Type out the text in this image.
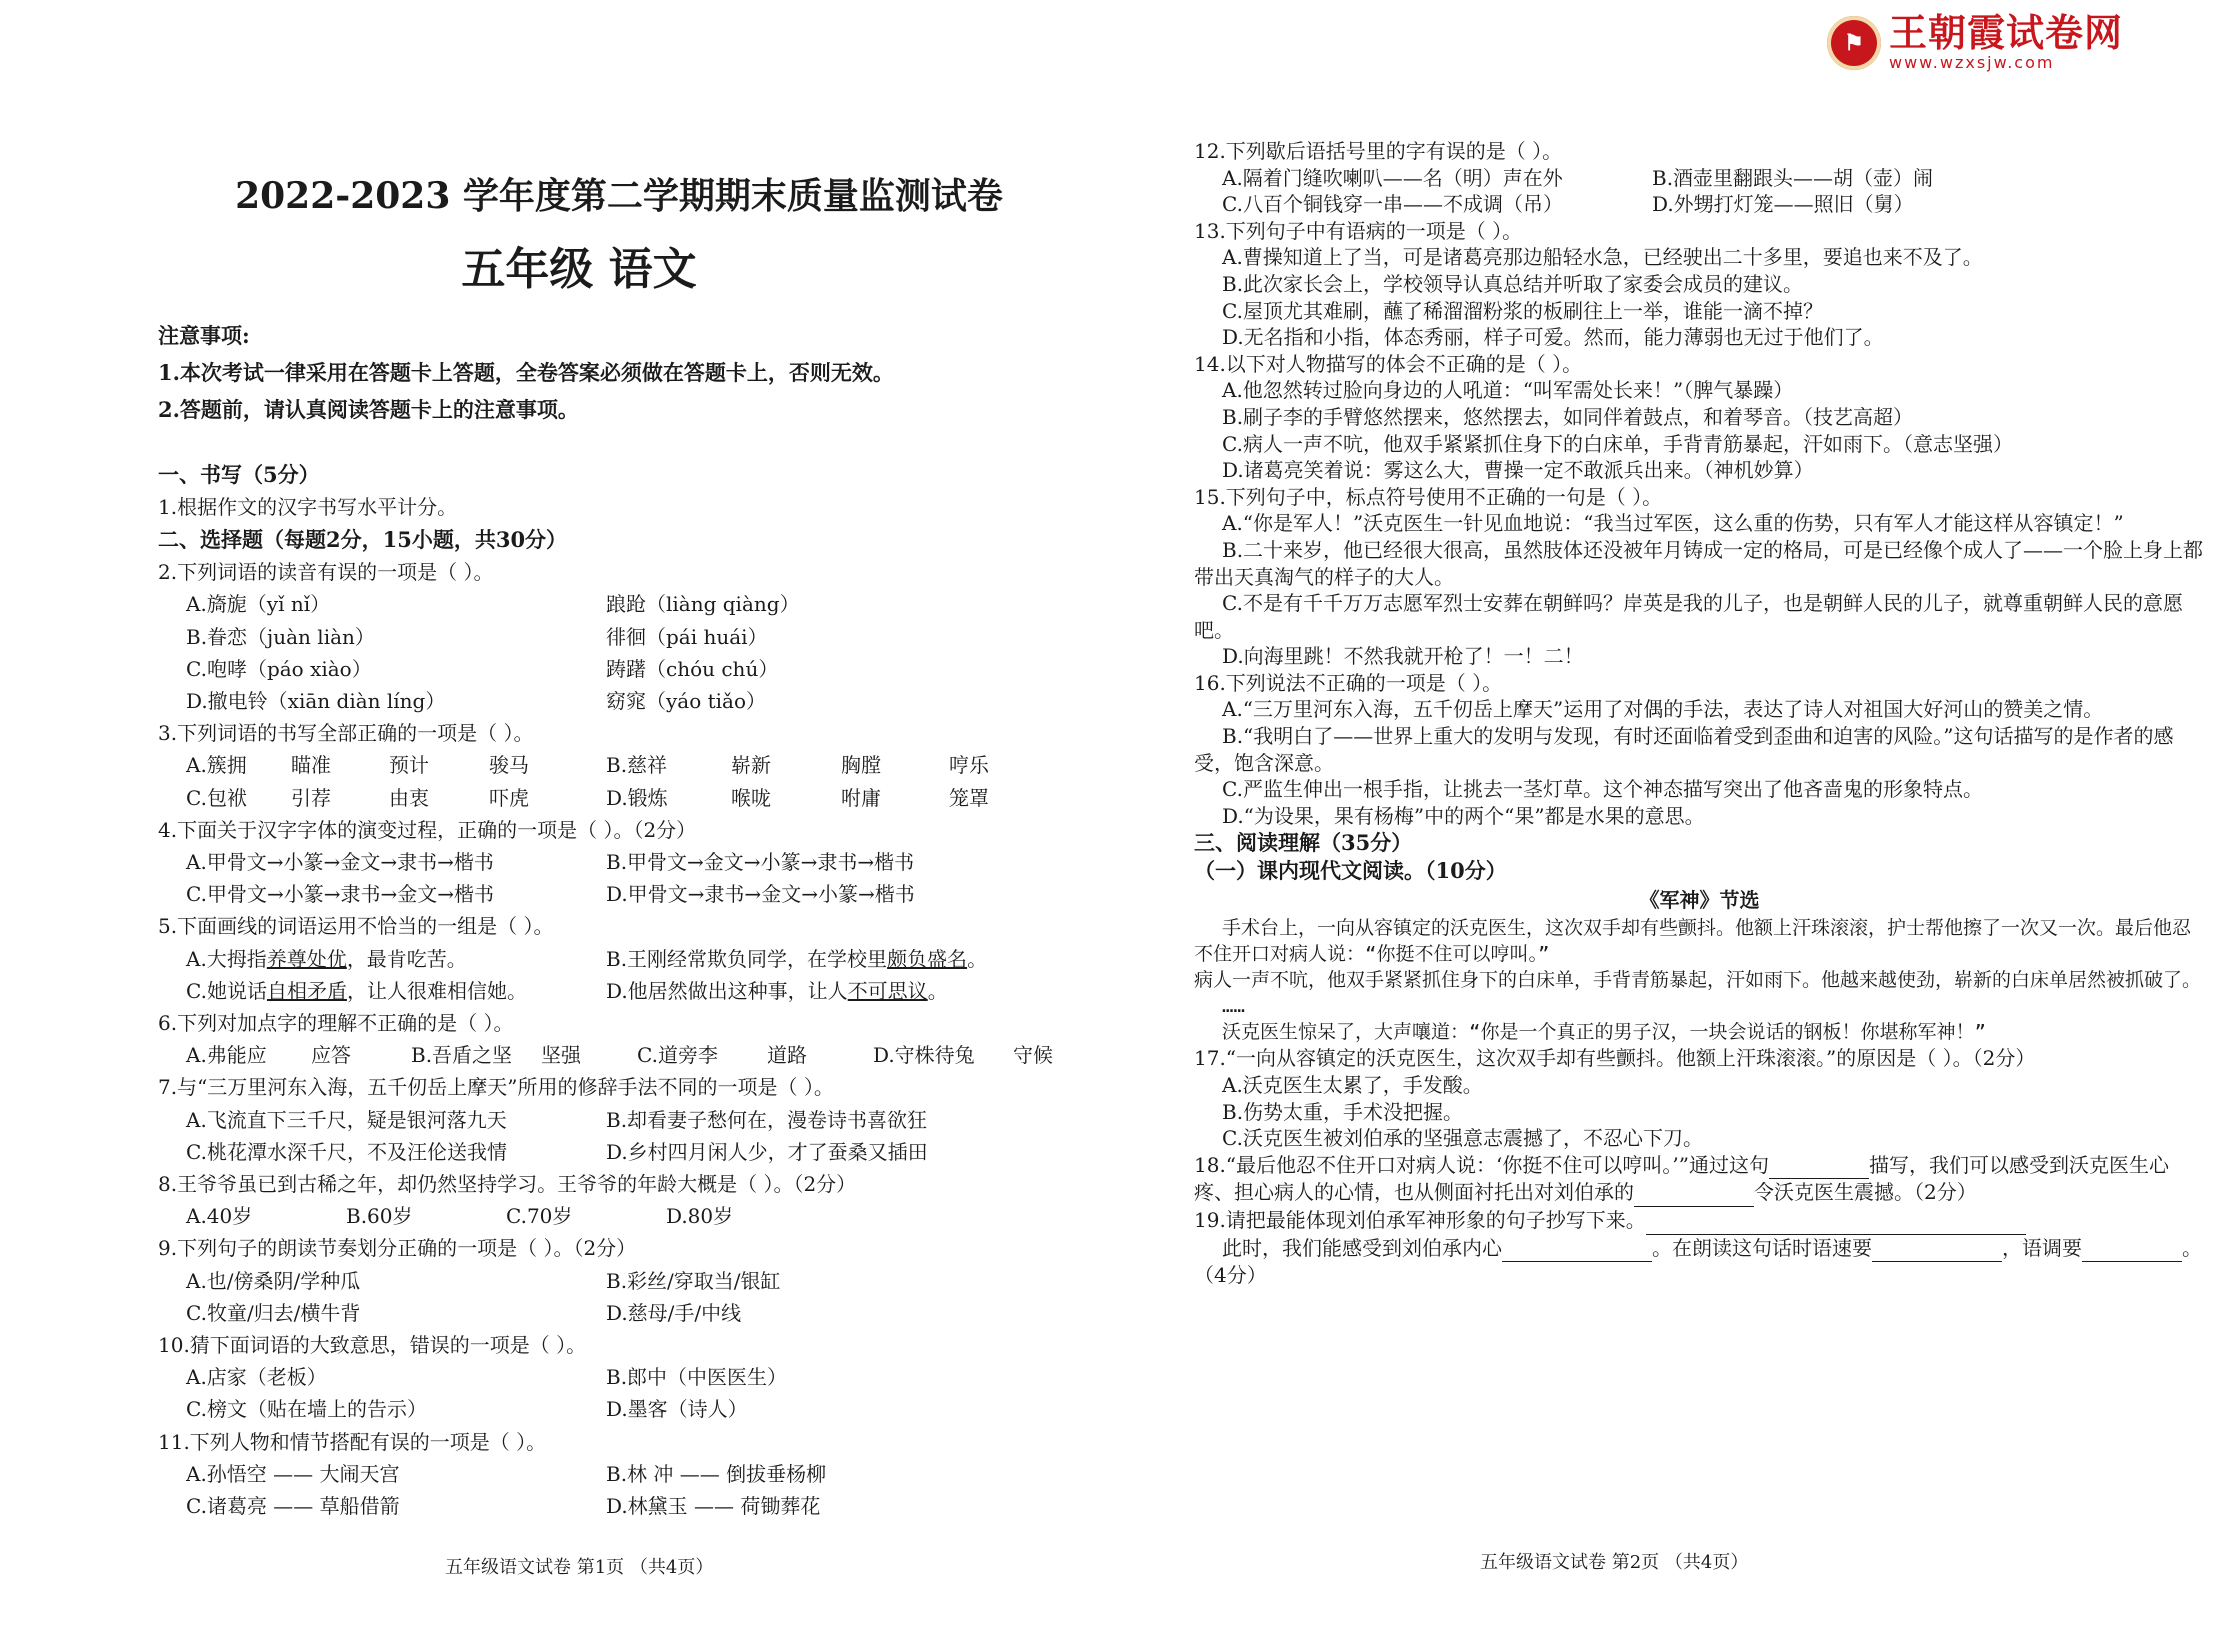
⚑ 王朝霞试卷网
www.wzxsjw.com
2022-2023 学年度第二学期期末质量监测试卷
五年级 语文
注意事项:
1.本次考试一律采用在答题卡上答题，全卷答案必须做在答题卡上，否则无效。
2.答题前，请认真阅读答题卡上的注意事项。
一、书写（5分）
1.根据作文的汉字书写水平计分。
二、选择题（每题2分，15小题，共30分）
2.下列词语的读音有误的一项是（ ）。
A.旖旎（yǐ nǐ）	踉跄（liàng qiàng）
B.眷恋（juàn liàn）	徘徊（pái huái）
C.咆哮（páo xiào）	踌躇（chóu chú）
D.撤电铃（xiān diàn líng）	窈窕（yáo tiǎo）
3.下列词语的书写全部正确的一项是（ ）。
A.簇拥	瞄准	预计	骏马	B.慈祥	崭新	胸膛	哼乐
C.包袱	引荐	由衷	吓虎	D.锻炼	喉咙	咐庸	笼罩
4.下面关于汉字字体的演变过程，正确的一项是（ ）。（2分）
A.甲骨文→小篆→金文→隶书→楷书	B.甲骨文→金文→小篆→隶书→楷书
C.甲骨文→小篆→隶书→金文→楷书	D.甲骨文→隶书→金文→小篆→楷书
5.下面画线的词语运用不恰当的一组是（ ）。
A.大拇指养尊处优，最肯吃苦。	B.王刚经常欺负同学，在学校里颇负盛名。
C.她说话自相矛盾，让人很难相信她。	D.他居然做出这种事，让人不可思议。
6.下列对加点字的理解不正确的是（ ）。
A.弗能应	应答	B.吾盾之坚	坚强	C.道旁李	道路	D.守株待兔	守候
7.与“三万里河东入海，五千仞岳上摩天”所用的修辞手法不同的一项是（ ）。
A.飞流直下三千尺，疑是银河落九天	B.却看妻子愁何在，漫卷诗书喜欲狂
C.桃花潭水深千尺，不及汪伦送我情	D.乡村四月闲人少，才了蚕桑又插田
8.王爷爷虽已到古稀之年，却仍然坚持学习。王爷爷的年龄大概是（ ）。（2分）
A.40岁	B.60岁	C.70岁	D.80岁
9.下列句子的朗读节奏划分正确的一项是（ ）。（2分）
A.也/傍桑阴/学种瓜	B.彩丝/穿取当/银缸
C.牧童/归去/横牛背	D.慈母/手/中线
10.猜下面词语的大致意思，错误的一项是（ ）。
A.店家（老板）	B.郎中（中医医生）
C.榜文（贴在墙上的告示）	D.墨客（诗人）
11.下列人物和情节搭配有误的一项是（ ）。
A.孙悟空 —— 大闹天宫	B.林 冲 —— 倒拔垂杨柳
C.诸葛亮 —— 草船借箭	D.林黛玉 —— 荷锄葬花
五年级语文试卷 第1页 （共4页）
12.下列歇后语括号里的字有误的是（ ）。
A.隔着门缝吹喇叭——名（明）声在外	B.酒壶里翻跟头——胡（壶）闹
C.八百个铜钱穿一串——不成调（吊）	D.外甥打灯笼——照旧（舅）
13.下列句子中有语病的一项是（ ）。
A.曹操知道上了当，可是诸葛亮那边船轻水急，已经驶出二十多里，要追也来不及了。
B.此次家长会上，学校领导认真总结并听取了家委会成员的建议。
C.屋顶尤其难刷，蘸了稀溜溜粉浆的板刷往上一举，谁能一滴不掉？
D.无名指和小指，体态秀丽，样子可爱。然而，能力薄弱也无过于他们了。
14.以下对人物描写的体会不正确的是（ ）。
A.他忽然转过脸向身边的人吼道：“叫军需处长来！”（脾气暴躁）
B.刷子李的手臂悠然摆来，悠然摆去，如同伴着鼓点，和着琴音。（技艺高超）
C.病人一声不吭，他双手紧紧抓住身下的白床单，手背青筋暴起，汗如雨下。（意志坚强）
D.诸葛亮笑着说：雾这么大，曹操一定不敢派兵出来。（神机妙算）
15.下列句子中，标点符号使用不正确的一句是（ ）。
A.“你是军人！”沃克医生一针见血地说：“我当过军医，这么重的伤势，只有军人才能这样从容镇定！”
B.二十来岁，他已经很大很高，虽然肢体还没被年月铸成一定的格局，可是已经像个成人了——一个脸上身上都带出天真淘气的样子的大人。
C.不是有千千万万志愿军烈士安葬在朝鲜吗？岸英是我的儿子，也是朝鲜人民的儿子，就尊重朝鲜人民的意愿吧。
D.向海里跳！不然我就开枪了！一！二！
16.下列说法不正确的一项是（ ）。
A.“三万里河东入海，五千仞岳上摩天”运用了对偶的手法，表达了诗人对祖国大好河山的赞美之情。
B.“我明白了——世界上重大的发明与发现，有时还面临着受到歪曲和迫害的风险。”这句话描写的是作者的感受，饱含深意。
C.严监生伸出一根手指，让挑去一茎灯草。这个神态描写突出了他吝啬鬼的形象特点。
D.“为设果，果有杨梅”中的两个“果”都是水果的意思。
三、阅读理解（35分）
（一）课内现代文阅读。（10分）
《军神》节选
手术台上，一向从容镇定的沃克医生，这次双手却有些颤抖。他额上汗珠滚滚，护士帮他擦了一次又一次。最后他忍不住开口对病人说：“你挺不住可以哼叫。”
病人一声不吭，他双手紧紧抓住身下的白床单，手背青筋暴起，汗如雨下。他越来越使劲，崭新的白床单居然被抓破了。
……
沃克医生惊呆了，大声嚷道：“你是一个真正的男子汉，一块会说话的钢板！你堪称军神！”
17.“一向从容镇定的沃克医生，这次双手却有些颤抖。他额上汗珠滚滚。”的原因是（ ）。（2分）
A.沃克医生太累了，手发酸。
B.伤势太重，手术没把握。
C.沃克医生被刘伯承的坚强意志震撼了，不忍心下刀。
18.“最后他忍不住开口对病人说：‘你挺不住可以哼叫。’”通过这句	描写，我们可以感受到沃克医生心疼、担心病人的心情，也从侧面衬托出对刘伯承的	令沃克医生震撼。（2分）
19.请把最能体现刘伯承军神形象的句子抄写下来。
此时，我们能感受到刘伯承内心	。在朗读这句话时语速要	，语调要	。（4分）
五年级语文试卷 第2页 （共4页）
